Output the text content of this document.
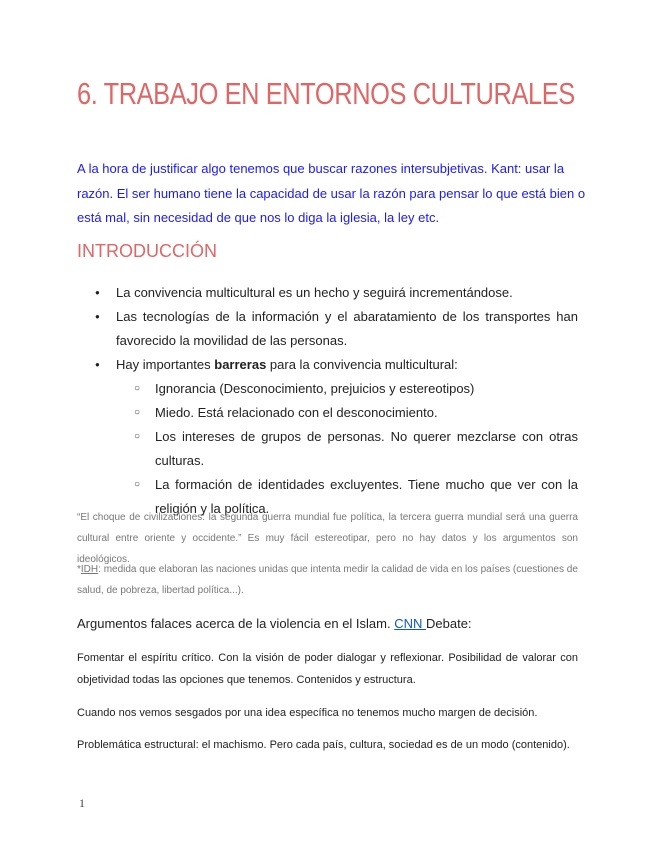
6. TRABAJO EN ENTORNOS CULTURALES

A la hora de justificar algo tenemos que buscar razones intersubjetivas. Kant: usar la razón. El ser humano tiene la capacidad de usar la razón para pensar lo que está bien o está mal, sin necesidad de que nos lo diga la iglesia, la ley etc.

INTRODUCCIÓN
● La convivencia multicultural es un hecho y seguirá incrementándose.
● Las tecnologías de la información y el abaratamiento de los transportes han favorecido la movilidad de las personas.
● Hay importantes barreras para la convivencia multicultural:
○ Ignorancia (Desconocimiento, prejuicios y estereotipos)
○ Miedo. Está relacionado con el desconocimiento.
○ Los intereses de grupos de personas. No querer mezclarse con otras culturas.
○ La formación de identidades excluyentes. Tiene mucho que ver con la religión y la política.

“El choque de civilizaciones: la segunda guerra mundial fue política, la tercera guerra mundial será una guerra cultural entre oriente y occidente.” Es muy fácil estereotipar, pero no hay datos y los argumentos son ideológicos.

*IDH: medida que elaboran las naciones unidas que intenta medir la calidad de vida en los países (cuestiones de salud, de pobreza, libertad política...).

Argumentos falaces acerca de la violencia en el Islam. CNN Debate:

Fomentar el espíritu crítico. Con la visión de poder dialogar y reflexionar. Posibilidad de valorar con objetividad todas las opciones que tenemos. Contenidos y estructura.

Cuando nos vemos sesgados por una idea específica no tenemos mucho margen de decisión.

Problemática estructural: el machismo. Pero cada país, cultura, sociedad es de un modo (contenido).

1
